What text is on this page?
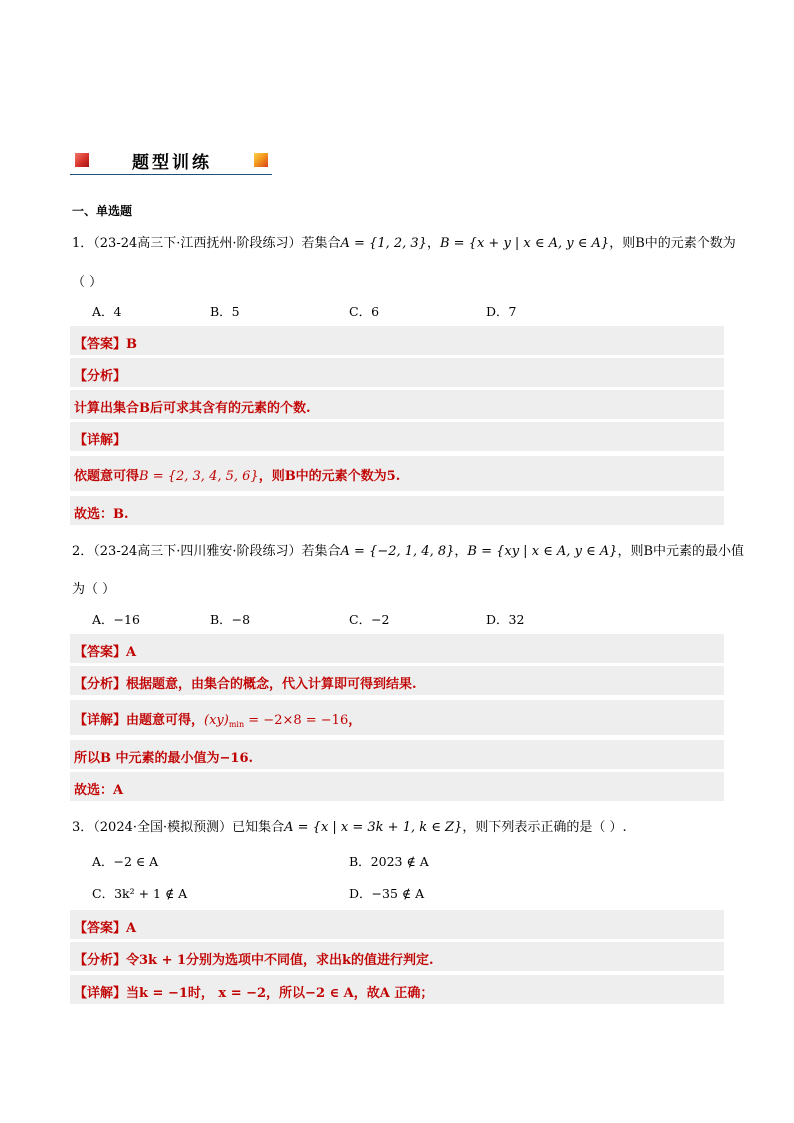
题型训练
一、单选题
1．（23-24高三下·江西抚州·阶段练习）若集合A = {1, 2, 3}，B = {x + y | x ∈ A, y ∈ A}，则B中的元素个数为
（ ）
A．4	B．5	C．6	D．7
【答案】B
【分析】
计算出集合B后可求其含有的元素的个数.
【详解】
依题意可得B = {2, 3, 4, 5, 6}，则B中的元素个数为5.
故选：B.
2．（23-24高三下·四川雅安·阶段练习）若集合A = {−2, 1, 4, 8}，B = {xy | x ∈ A, y ∈ A}，则B中元素的最小值
为（ ）
A．−16	B．−8	C．−2	D．32
【答案】A
【分析】根据题意，由集合的概念，代入计算即可得到结果.
【详解】由题意可得，$(xy)_{min} = -2\times 8 = -16$，
所以B 中元素的最小值为−16.
故选：A
3．（2024·全国·模拟预测）已知集合A = {x | x = 3k + 1, k ∈ Z}，则下列表示正确的是（ ）.
A．−2 ∈ A	B．2023 ∉ A
C．3k² + 1 ∉ A	D．−35 ∉ A
【答案】A
【分析】令3k + 1分别为选项中不同值，求出k的值进行判定.
【详解】当k = −1时， x = −2，所以−2 ∈ A，故A 正确；
